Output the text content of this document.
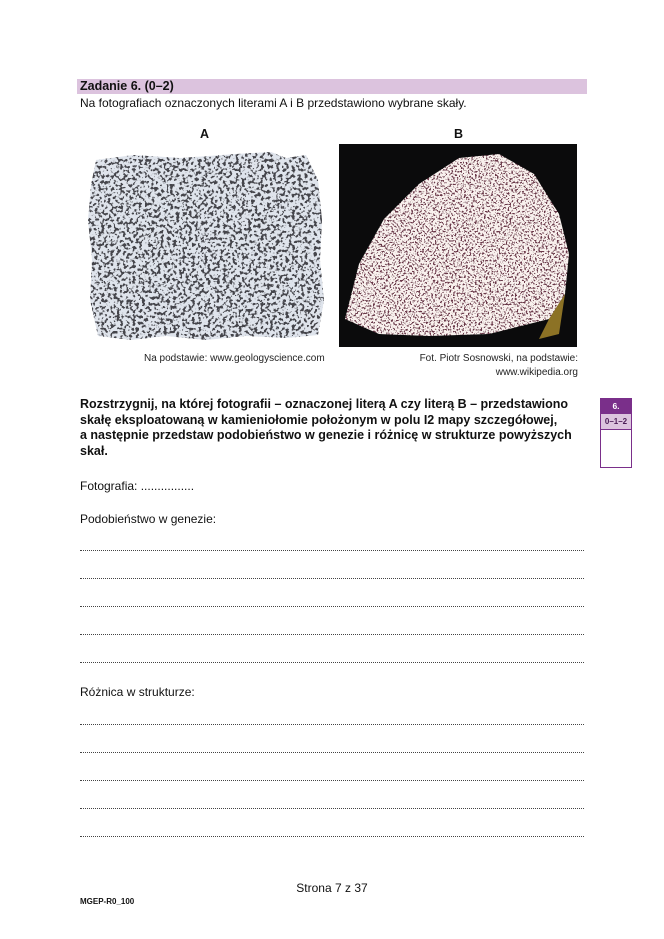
Zadanie 6. (0–2)
Na fotografiach oznaczonych literami A i B przedstawiono wybrane skały.
A	B
Na podstawie: www.geologyscience.com	Fot. Piotr Sosnowski, na podstawie:
www.wikipedia.org
Rozstrzygnij, na której fotografii – oznaczonej literą A czy literą B – przedstawiono
skałę eksploatowaną w kamieniołomie położonym w polu I2 mapy szczegółowej,
a następnie przedstaw podobieństwo w genezie i różnicę w strukturze powyższych
skał.
6.
0–1–2
Fotografia: ................
Podobieństwo w genezie:
Różnica w strukturze:
Strona 7 z 37
MGEP-R0_100
